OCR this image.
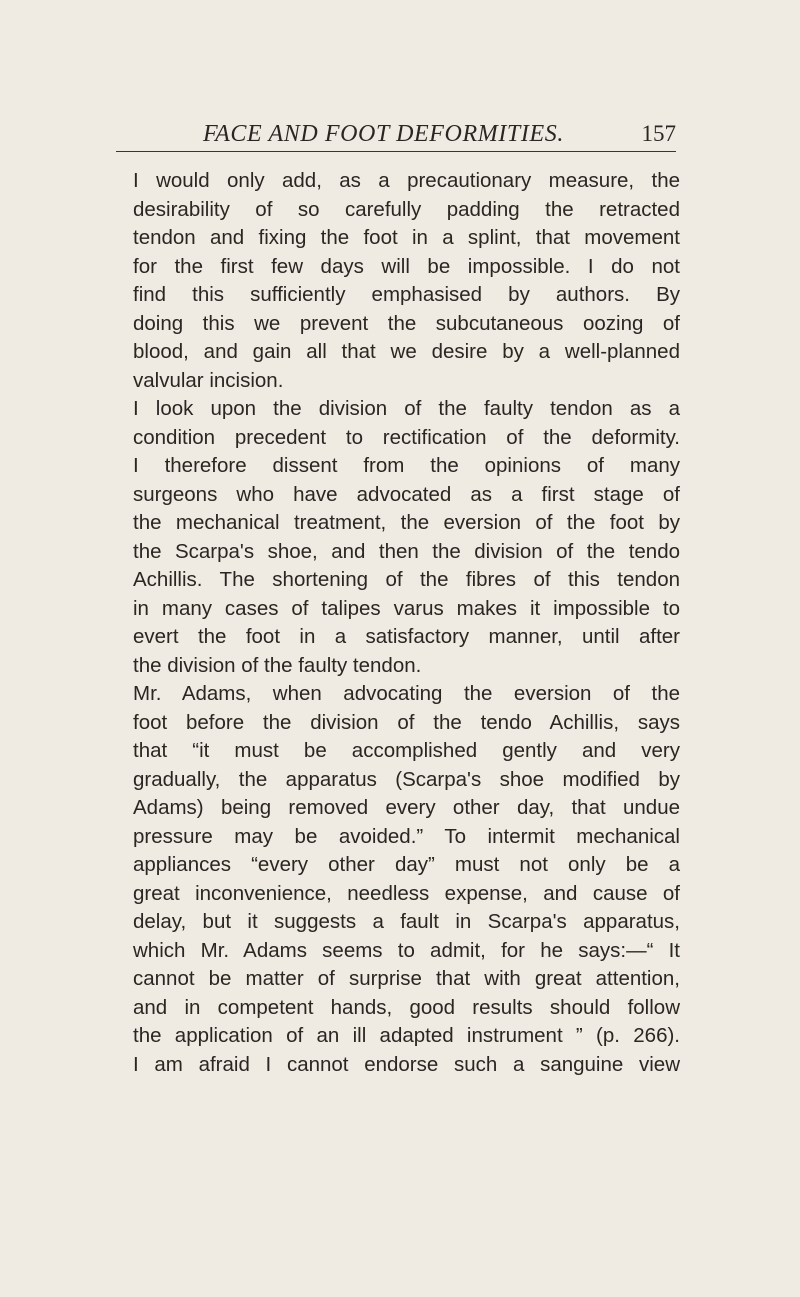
FACE AND FOOT DEFORMITIES.	157
I would only add, as a precautionary measure, the
desirability of so carefully padding the retracted
tendon and fixing the foot in a splint, that movement
for the first few days will be impossible. I do not
find this sufficiently emphasised by authors. By
doing this we prevent the subcutaneous oozing of
blood, and gain all that we desire by a well-planned
valvular incision.
I look upon the division of the faulty tendon as a
condition precedent to rectification of the deformity.
I therefore dissent from the opinions of many
surgeons who have advocated as a first stage of
the mechanical treatment, the eversion of the foot by
the Scarpa's shoe, and then the division of the tendo
Achillis. The shortening of the fibres of this tendon
in many cases of talipes varus makes it impossible to
evert the foot in a satisfactory manner, until after
the division of the faulty tendon.
Mr. Adams, when advocating the eversion of the
foot before the division of the tendo Achillis, says
that “it must be accomplished gently and very
gradually, the apparatus (Scarpa's shoe modified by
Adams) being removed every other day, that undue
pressure may be avoided.” To intermit mechanical
appliances “every other day” must not only be a
great inconvenience, needless expense, and cause of
delay, but it suggests a fault in Scarpa's apparatus,
which Mr. Adams seems to admit, for he says:—“ It
cannot be matter of surprise that with great attention,
and in competent hands, good results should follow
the application of an ill adapted instrument ” (p. 266).
I am afraid I cannot endorse such a sanguine view
